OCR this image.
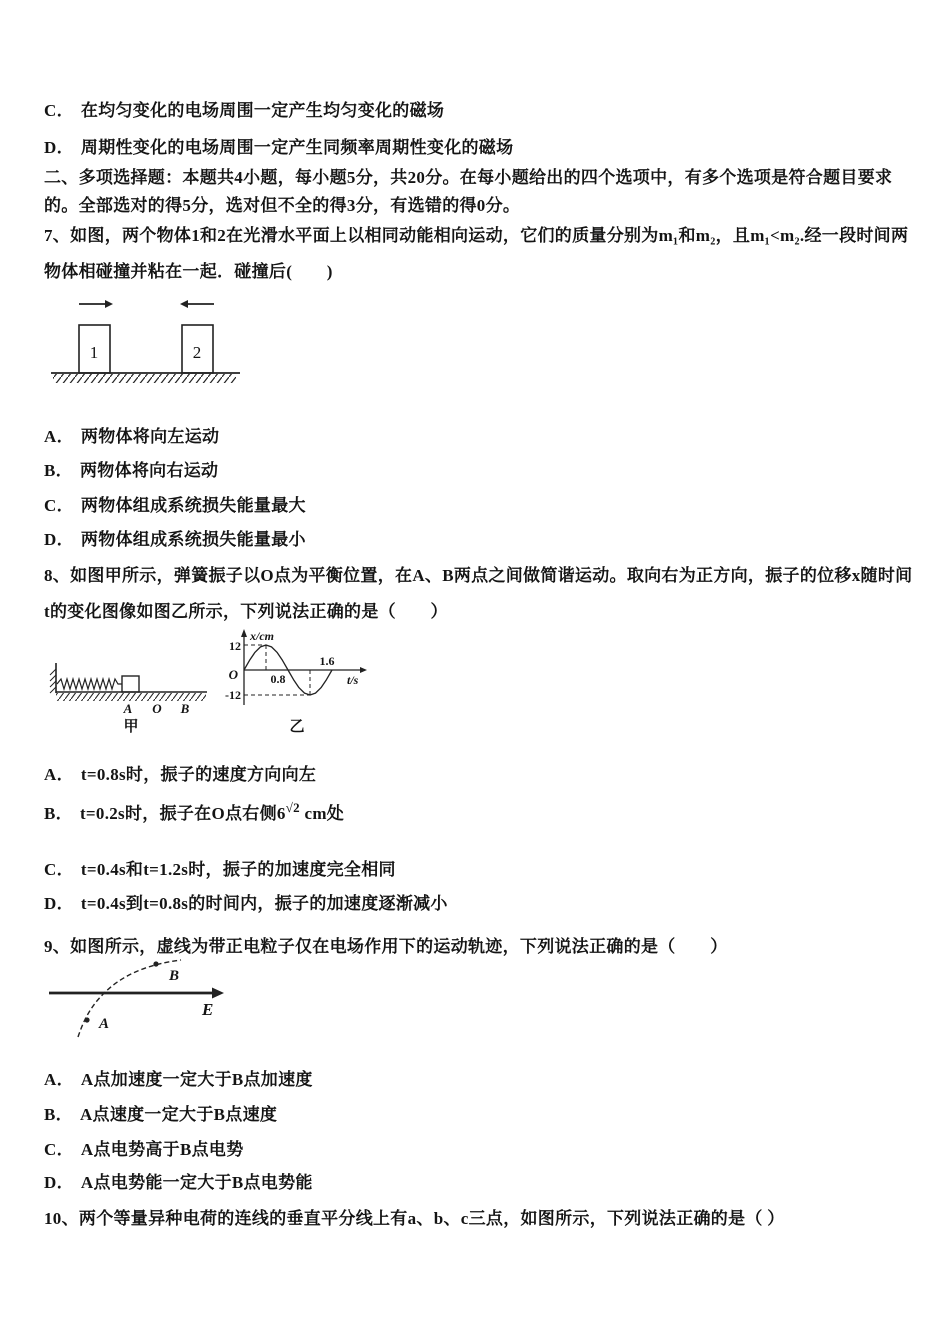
C． 在均匀变化的电场周围一定产生均匀变化的磁场

D． 周期性变化的电场周围一定产生同频率周期性变化的磁场

二、多项选择题：本题共4小题，每小题5分，共20分。在每小题给出的四个选项中，有多个选项是符合题目要求的。全部选对的得5分，选对但不全的得3分，有选错的得0分。

7、如图，两个物体1和2在光滑水平面上以相同动能相向运动，它们的质量分别为m₁和m₂，且m₁<m₂.经一段时间两物体相碰撞并粘在一起．碰撞后(　　)

1	2

A． 两物体将向左运动

B． 两物体将向右运动

C． 两物体组成系统损失能量最大

D． 两物体组成系统损失能量最小

8、如图甲所示，弹簧振子以O点为平衡位置，在A、B两点之间做简谐运动。取向右为正方向，振子的位移x随时间t的变化图像如图乙所示，下列说法正确的是（　　）

A O B
甲
x/cm
t/s
12
-12
O	0.8
1.6
乙

A． t=0.8s时，振子的速度方向向左

B． t=0.2s时，振子在O点右侧$6^{√2}$ cm处

C． t=0.4s和t=1.2s时，振子的加速度完全相同

D． t=0.4s到t=0.8s的时间内，振子的加速度逐渐减小

9、如图所示，虚线为带正电粒子仅在电场作用下的运动轨迹，下列说法正确的是（　　）

B
A
E

A． A点加速度一定大于B点加速度

B． A点速度一定大于B点速度

C． A点电势高于B点电势

D． A点电势能一定大于B点电势能

10、两个等量异种电荷的连线的垂直平分线上有a、b、c三点，如图所示，下列说法正确的是（ ）
